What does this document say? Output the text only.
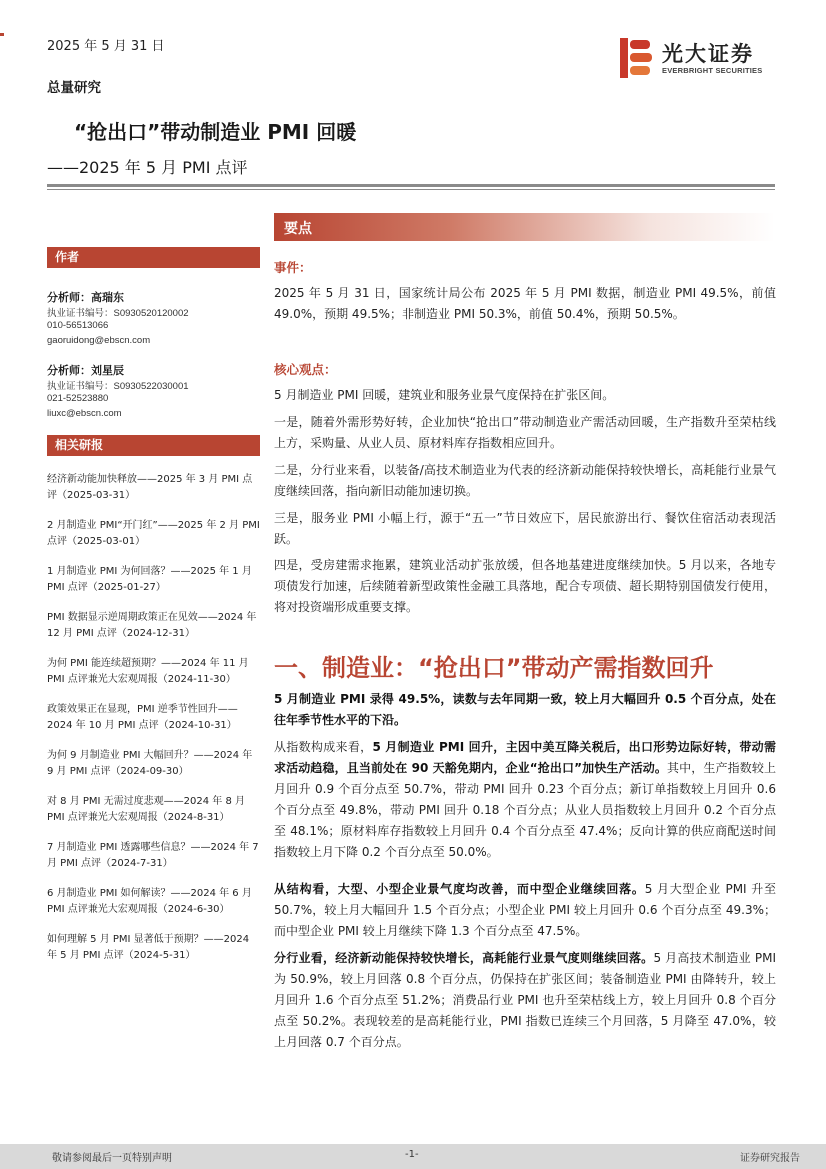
2025 年 5 月 31 日	光大证券
EVERBRIGHT SECURITIES
总量研究
“抢出口”带动制造业 PMI 回暖
——2025 年 5 月 PMI 点评
作者
分析师：高瑞东
执业证书编号：S0930520120002
010-56513066
gaoruidong@ebscn.com
分析师：刘星辰
执业证书编号：S0930522030001
021-52523880
liuxc@ebscn.com
相关研报
经济新动能加快释放——2025 年 3 月 PMI 点评（2025-03-31）
2 月制造业 PMI“开门红”——2025 年 2 月 PMI 点评（2025-03-01）
1 月制造业 PMI 为何回落？——2025 年 1 月 PMI 点评（2025-01-27）
PMI 数据显示逆周期政策正在见效——2024 年 12 月 PMI 点评（2024-12-31）
为何 PMI 能连续超预期？——2024 年 11 月 PMI 点评兼光大宏观周报（2024-11-30）
政策效果正在显现，PMI 逆季节性回升——2024 年 10 月 PMI 点评（2024-10-31）
为何 9 月制造业 PMI 大幅回升？——2024 年 9 月 PMI 点评（2024-09-30）
对 8 月 PMI 无需过度悲观——2024 年 8 月 PMI 点评兼光大宏观周报（2024-8-31）
7 月制造业 PMI 透露哪些信息？——2024 年 7 月 PMI 点评（2024-7-31）
6 月制造业 PMI 如何解读？——2024 年 6 月 PMI 点评兼光大宏观周报（2024-6-30）
如何理解 5 月 PMI 显著低于预期？——2024 年 5 月 PMI 点评（2024-5-31）
要点
事件：
2025 年 5 月 31 日，国家统计局公布 2025 年 5 月 PMI 数据，制造业 PMI 49.5%，前值 49.0%，预期 49.5%；非制造业 PMI 50.3%，前值 50.4%，预期 50.5%。
核心观点：
5 月制造业 PMI 回暖，建筑业和服务业景气度保持在扩张区间。
一是，随着外需形势好转，企业加快“抢出口”带动制造业产需活动回暖，生产指数升至荣枯线上方，采购量、从业人员、原材料库存指数相应回升。
二是，分行业来看，以装备/高技术制造业为代表的经济新动能保持较快增长，高耗能行业景气度继续回落，指向新旧动能加速切换。
三是，服务业 PMI 小幅上行，源于“五一”节日效应下，居民旅游出行、餐饮住宿活动表现活跃。
四是，受房建需求拖累，建筑业活动扩张放缓，但各地基建进度继续加快。5 月以来，各地专项债发行加速，后续随着新型政策性金融工具落地，配合专项债、超长期特别国债发行使用，将对投资端形成重要支撑。
一、制造业：“抢出口”带动产需指数回升
5 月制造业 PMI 录得 49.5%，读数与去年同期一致，较上月大幅回升 0.5 个百分点，处在往年季节性水平的下沿。
从指数构成来看，5 月制造业 PMI 回升，主因中美互降关税后，出口形势边际好转，带动需求活动趋稳，且当前处在 90 天豁免期内，企业“抢出口”加快生产活动。其中，生产指数较上月回升 0.9 个百分点至 50.7%，带动 PMI 回升 0.23 个百分点；新订单指数较上月回升 0.6 个百分点至 49.8%，带动 PMI 回升 0.18 个百分点；从业人员指数较上月回升 0.2 个百分点至 48.1%；原材料库存指数较上月回升 0.4 个百分点至 47.4%；反向计算的供应商配送时间指数较上月下降 0.2 个百分点至 50.0%。
从结构看，大型、小型企业景气度均改善，而中型企业继续回落。5 月大型企业 PMI 升至 50.7%，较上月大幅回升 1.5 个百分点；小型企业 PMI 较上月回升 0.6 个百分点至 49.3%；而中型企业 PMI 较上月继续下降 1.3 个百分点至 47.5%。
分行业看，经济新动能保持较快增长，高耗能行业景气度则继续回落。5 月高技术制造业 PMI 为 50.9%，较上月回落 0.8 个百分点，仍保持在扩张区间；装备制造业 PMI 由降转升，较上月回升 1.6 个百分点至 51.2%；消费品行业 PMI 也升至荣枯线上方，较上月回升 0.8 个百分点至 50.2%。表现较差的是高耗能行业，PMI 指数已连续三个月回落，5 月降至 47.0%，较上月回落 0.7 个百分点。
敬请参阅最后一页特别声明	-1-	证券研究报告
